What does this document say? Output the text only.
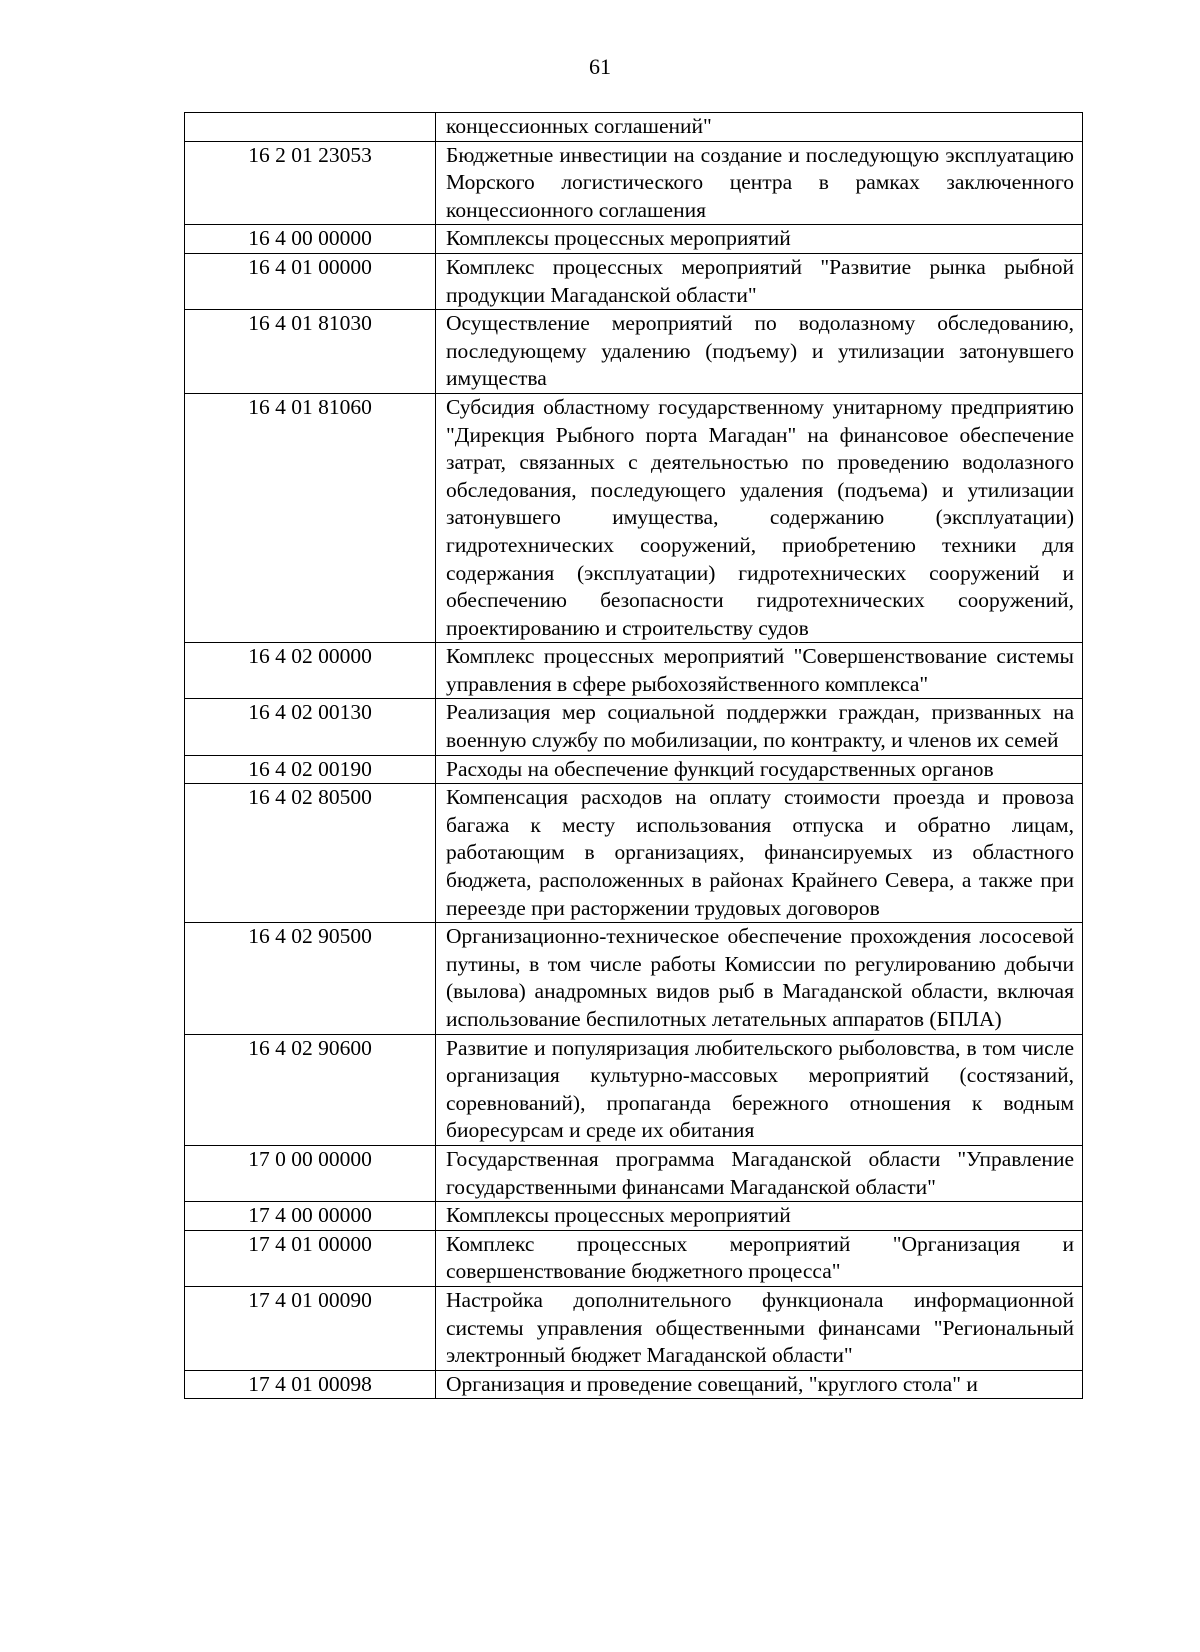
61
	концессионных соглашений"
16 2 01 23053	Бюджетные инвестиции на создание и последующую эксплуатацию Морского логистического центра в рамках заключенного концессионного соглашения
16 4 00 00000	Комплексы процессных мероприятий
16 4 01 00000	Комплекс процессных мероприятий "Развитие рынка рыбной продукции Магаданской области"
16 4 01 81030	Осуществление мероприятий по водолазному обследованию, последующему удалению (подъему) и утилизации затонувшего имущества
16 4 01 81060	Субсидия областному государственному унитарному предприятию "Дирекция Рыбного порта Магадан" на финансовое обеспечение затрат, связанных с деятельностью по проведению водолазного обследования, последующего удаления (подъема) и утилизации затонувшего имущества, содержанию (эксплуатации) гидротехнических сооружений, приобретению техники для содержания (эксплуатации) гидротехнических сооружений и обеспечению безопасности гидротехнических сооружений, проектированию и строительству судов
16 4 02 00000	Комплекс процессных мероприятий "Совершенствование системы управления в сфере рыбохозяйственного комплекса"
16 4 02 00130	Реализация мер социальной поддержки граждан, призванных на военную службу по мобилизации, по контракту, и членов их семей
16 4 02 00190	Расходы на обеспечение функций государственных органов
16 4 02 80500	Компенсация расходов на оплату стоимости проезда и провоза багажа к месту использования отпуска и обратно лицам, работающим в организациях, финансируемых из областного бюджета, расположенных в районах Крайнего Севера, а также при переезде при расторжении трудовых договоров
16 4 02 90500	Организационно-техническое обеспечение прохождения лососевой путины, в том числе работы Комиссии по регулированию добычи (вылова) анадромных видов рыб в Магаданской области, включая использование беспилотных летательных аппаратов (БПЛА)
16 4 02 90600	Развитие и популяризация любительского рыболовства, в том числе организация культурно-массовых мероприятий (состязаний, соревнований), пропаганда бережного отношения к водным биоресурсам и среде их обитания
17 0 00 00000	Государственная программа Магаданской области "Управление государственными финансами Магаданской области"
17 4 00 00000	Комплексы процессных мероприятий
17 4 01 00000	Комплекс процессных мероприятий "Организация и совершенствование бюджетного процесса"
17 4 01 00090	Настройка дополнительного функционала информационной системы управления общественными финансами "Региональный электронный бюджет Магаданской области"
17 4 01 00098	Организация и проведение совещаний, "круглого стола" и
